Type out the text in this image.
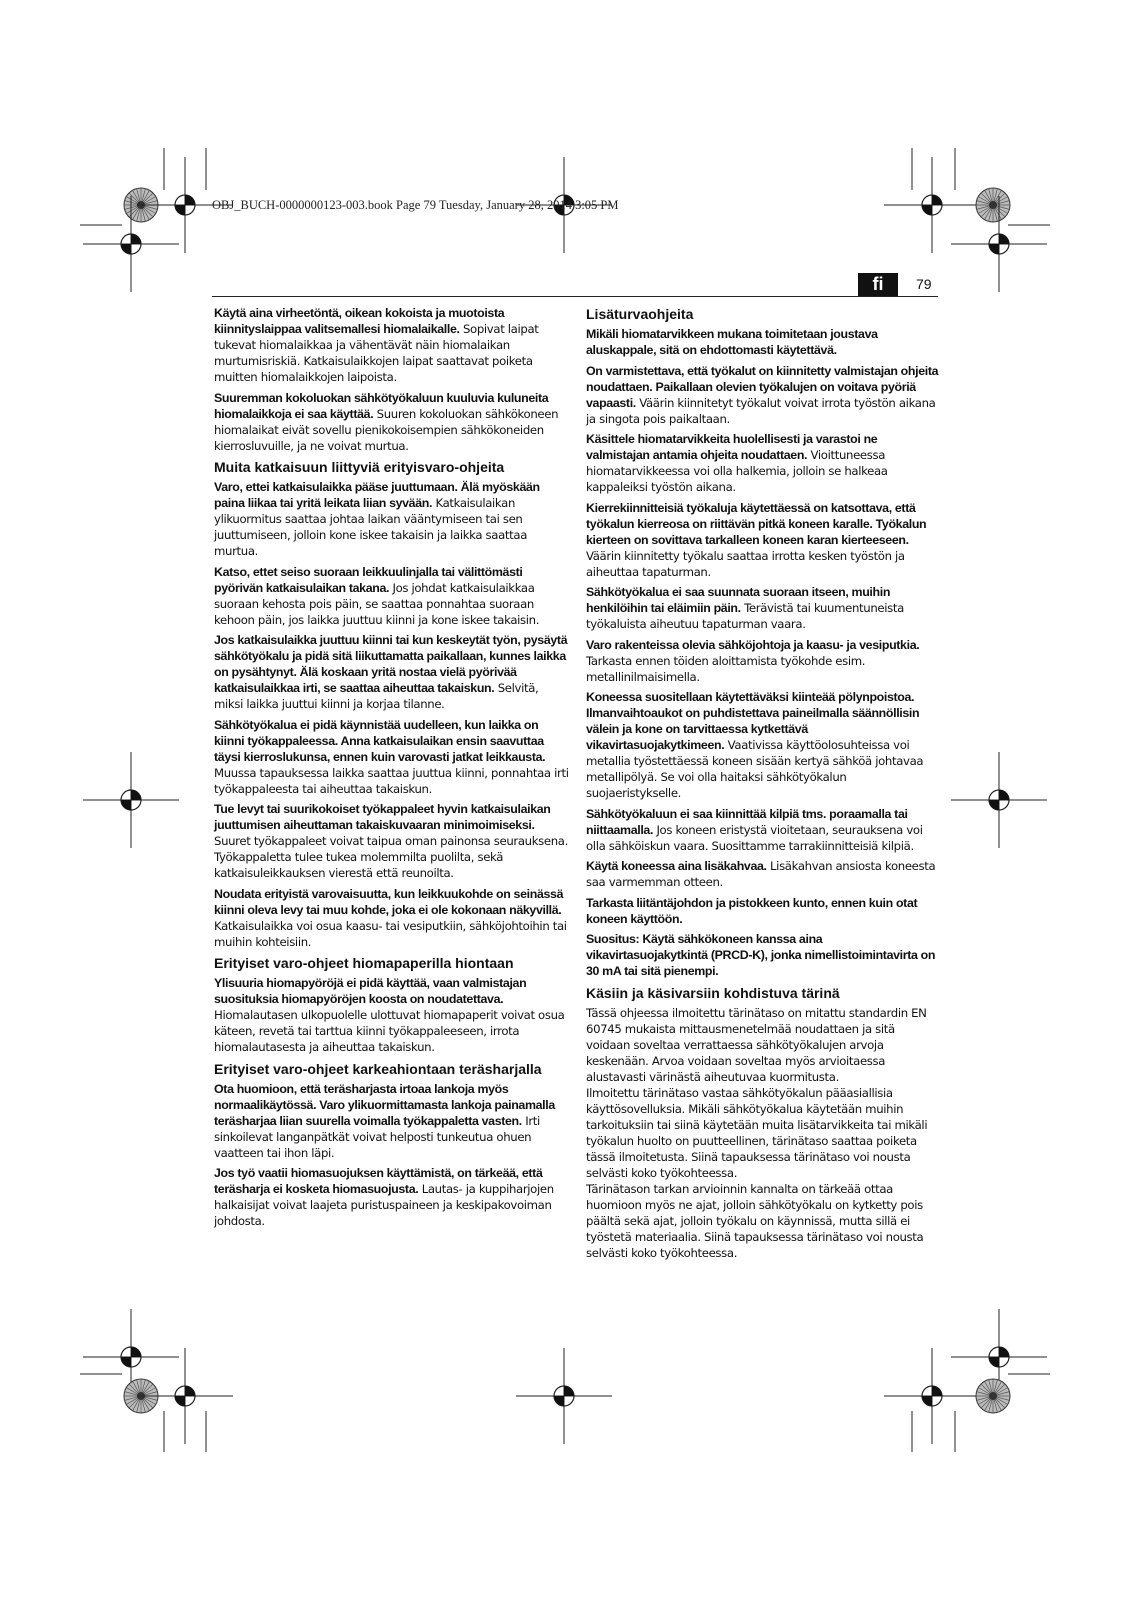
OBJ_BUCH-0000000123-003.book Page 79 Tuesday, January 28, 2014 3:05 PM
fi	79

Käytä aina virheetöntä, oikean kokoista ja muotoista kiinnityslaippaa valitsemallesi hiomalaikalle. Sopivat laipat tukevat hiomalaikkaa ja vähentävät näin hiomalaikan murtumisriskiä. Katkaisulaikkojen laipat saattavat poiketa muitten hiomalaikkojen laipoista.

Suuremman kokoluokan sähkötyökaluun kuuluvia kuluneita hiomalaikkoja ei saa käyttää. Suuren kokoluokan sähkökoneen hiomalaikat eivät sovellu pienikokoisempien sähkökoneiden kierrosluvuille, ja ne voivat murtua.

Muita katkaisuun liittyviä erityisvaro-ohjeita

Varo, ettei katkaisulaikka pääse juuttumaan. Älä myöskään paina liikaa tai yritä leikata liian syvään. Katkaisulaikan ylikuormitus saattaa johtaa laikan vääntymiseen tai sen juuttumiseen, jolloin kone iskee takaisin ja laikka saattaa murtua.

Katso, ettet seiso suoraan leikkuulinjalla tai välittömästi pyörivän katkaisulaikan takana. Jos johdat katkaisulaikkaa suoraan kehosta pois päin, se saattaa ponnahtaa suoraan kehoon päin, jos laikka juuttuu kiinni ja kone iskee takaisin.

Jos katkaisulaikka juuttuu kiinni tai kun keskeytät työn, pysäytä sähkötyökalu ja pidä sitä liikuttamatta paikallaan, kunnes laikka on pysähtynyt. Älä koskaan yritä nostaa vielä pyörivää katkaisulaikkaa irti, se saattaa aiheuttaa takaiskun. Selvitä, miksi laikka juuttui kiinni ja korjaa tilanne.

Sähkötyökalua ei pidä käynnistää uudelleen, kun laikka on kiinni työkappaleessa. Anna katkaisulaikan ensin saavuttaa täysi kierroslukunsa, ennen kuin varovasti jatkat leikkausta. Muussa tapauksessa laikka saattaa juuttua kiinni, ponnahtaa irti työkappaleesta tai aiheuttaa takaiskun.

Tue levyt tai suurikokoiset työkappaleet hyvin katkaisulaikan juuttumisen aiheuttaman takaiskuvaaran minimoimiseksi. Suuret työkappaleet voivat taipua oman painonsa seurauksena. Työkappaletta tulee tukea molemmilta puolilta, sekä katkaisuleikkauksen vierestä että reunoilta.

Noudata erityistä varovaisuutta, kun leikkuukohde on seinässä kiinni oleva levy tai muu kohde, joka ei ole kokonaan näkyvillä. Katkaisulaikka voi osua kaasu- tai vesiputkiin, sähköjohtoihin tai muihin kohteisiin.

Erityiset varo-ohjeet hiomapaperilla hiontaan

Ylisuuria hiomapyöröjä ei pidä käyttää, vaan valmistajan suosituksia hiomapyöröjen koosta on noudatettava. Hiomalautasen ulkopuolelle ulottuvat hiomapaperit voivat osua käteen, revetä tai tarttua kiinni työkappaleeseen, irrota hiomalautasesta ja aiheuttaa takaiskun.

Erityiset varo-ohjeet karkeahiontaan teräsharjalla

Ota huomioon, että teräsharjasta irtoaa lankoja myös normaalikäytössä. Varo ylikuormittamasta lankoja painamalla teräsharjaa liian suurella voimalla työkappaletta vasten. Irti sinkoilevat langanpätkät voivat helposti tunkeutua ohuen vaatteen tai ihon läpi.

Jos työ vaatii hiomasuojuksen käyttämistä, on tärkeää, että teräsharja ei kosketa hiomasuojusta. Lautas- ja kuppiharjojen halkaisijat voivat laajeta puristuspaineen ja keskipakovoiman johdosta.

Lisäturvaohjeita

Mikäli hiomatarvikkeen mukana toimitetaan joustava aluskappale, sitä on ehdottomasti käytettävä.

On varmistettava, että työkalut on kiinnitetty valmistajan ohjeita noudattaen. Paikallaan olevien työkalujen on voitava pyöriä vapaasti. Väärin kiinnitetyt työkalut voivat irrota työstön aikana ja singota pois paikaltaan.

Käsittele hiomatarvikkeita huolellisesti ja varastoi ne valmistajan antamia ohjeita noudattaen. Vioittuneessa hiomatarvikkeessa voi olla halkemia, jolloin se halkeaa kappaleiksi työstön aikana.

Kierrekiinnitteisiä työkaluja käytettäessä on katsottava, että työkalun kierreosa on riittävän pitkä koneen karalle. Työkalun kierteen on sovittava tarkalleen koneen karan kierteeseen. Väärin kiinnitetty työkalu saattaa irrotta kesken työstön ja aiheuttaa tapaturman.

Sähkötyökalua ei saa suunnata suoraan itseen, muihin henkilöihin tai eläimiin päin. Terävistä tai kuumentuneista työkaluista aiheutuu tapaturman vaara.

Varo rakenteissa olevia sähköjohtoja ja kaasu- ja vesiputkia. Tarkasta ennen töiden aloittamista työkohde esim. metallinilmaisimella.

Koneessa suositellaan käytettäväksi kiinteää pölynpoistoa. Ilmanvaihtoaukot on puhdistettava paineilmalla säännöllisin välein ja kone on tarvittaessa kytkettävä vikavirtasuojakytkimeen. Vaativissa käyttöolosuhteissa voi metallia työstettäessä koneen sisään kertyä sähköä johtavaa metallipölyä. Se voi olla haitaksi sähkötyökalun suojaeristykselle.

Sähkötyökaluun ei saa kiinnittää kilpiä tms. poraamalla tai niittaamalla. Jos koneen eristystä vioitetaan, seurauksena voi olla sähköiskun vaara. Suosittamme tarrakiinnitteisiä kilpiä.

Käytä koneessa aina lisäkahvaa. Lisäkahvan ansiosta koneesta saa varmemman otteen.

Tarkasta liitäntäjohdon ja pistokkeen kunto, ennen kuin otat koneen käyttöön.

Suositus: Käytä sähkökoneen kanssa aina vikavirtasuojakytkintä (PRCD-K), jonka nimellistoimintavirta on 30 mA tai sitä pienempi.

Käsiin ja käsivarsiin kohdistuva tärinä

Tässä ohjeessa ilmoitettu tärinätaso on mitattu standardin EN 60745 mukaista mittausmenetelmää noudattaen ja sitä voidaan soveltaa verrattaessa sähkötyökalujen arvoja keskenään. Arvoa voidaan soveltaa myös arvioitaessa alustavasti värinästä aiheutuvaa kuormitusta.

Ilmoitettu tärinätaso vastaa sähkötyökalun pääasiallisia käyttösovelluksia. Mikäli sähkötyökalua käytetään muihin tarkoituksiin tai siinä käytetään muita lisätarvikkeita tai mikäli työkalun huolto on puutteellinen, tärinätaso saattaa poiketa tässä ilmoitetusta. Siinä tapauksessa tärinätaso voi nousta selvästi koko työkohteessa.

Tärinätason tarkan arvioinnin kannalta on tärkeää ottaa huomioon myös ne ajat, jolloin sähkötyökalu on kytketty pois päältä sekä ajat, jolloin työkalu on käynnissä, mutta sillä ei työstetä materiaalia. Siinä tapauksessa tärinätaso voi nousta selvästi koko työkohteessa.
